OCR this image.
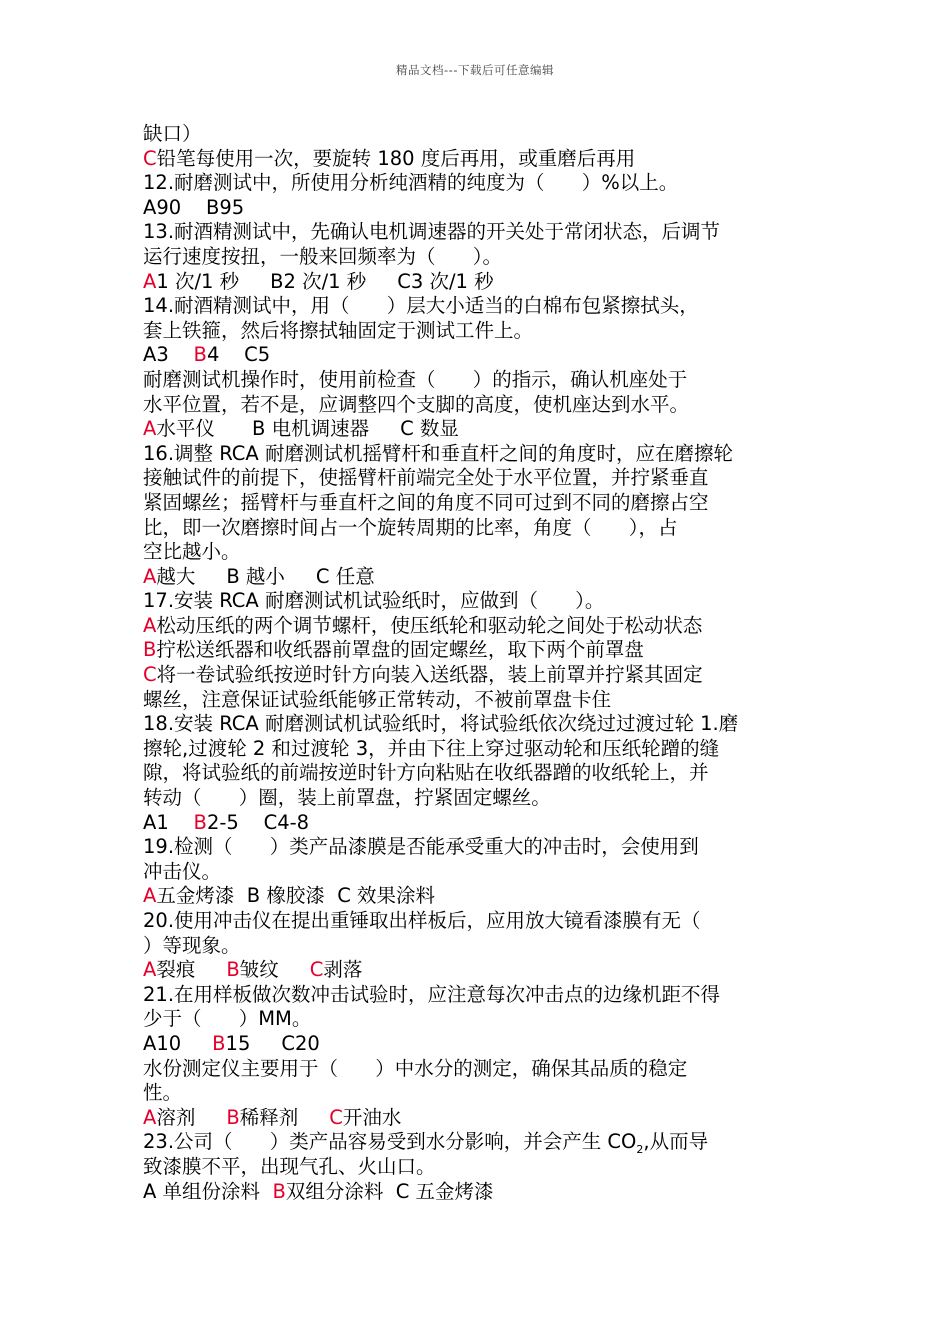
精品文档---下载后可任意编辑
缺口）
C铅笔每使用一次，要旋转 180 度后再用，或重磨后再用
12.耐磨测试中，所使用分析纯酒精的纯度为（      ）%以上。
A90    B95
13.耐酒精测试中，先确认电机调速器的开关处于常闭状态，后调节
运行速度按扭，一般来回频率为（      ）。
A1 次/1 秒     B2 次/1 秒     C3 次/1 秒
14.耐酒精测试中，用（      ）层大小适当的白棉布包紧擦拭头，
套上铁箍，然后将擦拭轴固定于测试工件上。
A3    B4    C5
耐磨测试机操作时，使用前检查（      ）的指示，确认机座处于
水平位置，若不是，应调整四个支脚的高度，使机座达到水平。
A水平仪      B 电机调速器     C 数显
16.调整 RCA 耐磨测试机摇臂杆和垂直杆之间的角度时，应在磨擦轮
接触试件的前提下，使摇臂杆前端完全处于水平位置，并拧紧垂直
紧固螺丝；摇臂杆与垂直杆之间的角度不同可过到不同的磨擦占空
比，即一次磨擦时间占一个旋转周期的比率，角度（      ），占
空比越小。
A越大     B 越小     C 任意
17.安装 RCA 耐磨测试机试验纸时，应做到（      ）。
A松动压纸的两个调节螺杆，使压纸轮和驱动轮之间处于松动状态
B拧松送纸器和收纸器前罩盘的固定螺丝，取下两个前罩盘
C将一卷试验纸按逆时针方向装入送纸器，装上前罩并拧紧其固定
螺丝，注意保证试验纸能够正常转动，不被前罩盘卡住
18.安装 RCA 耐磨测试机试验纸时，将试验纸依次绕过过渡过轮 1.磨
擦轮,过渡轮 2 和过渡轮 3，并由下往上穿过驱动轮和压纸轮蹭的缝
隙，将试验纸的前端按逆时针方向粘贴在收纸器蹭的收纸轮上，并
转动（      ）圈，装上前罩盘，拧紧固定螺丝。
A1    B2-5    C4-8
19.检测（      ）类产品漆膜是否能承受重大的冲击时，会使用到
冲击仪。
A五金烤漆  B 橡胶漆  C 效果涂料
20.使用冲击仪在提出重锤取出样板后，应用放大镜看漆膜有无（
）等现象。
A裂痕     B皱纹     C剥落
21.在用样板做次数冲击试验时，应注意每次冲击点的边缘机距不得
少于（      ）MM。
A10     B15     C20
水份测定仪主要用于（      ）中水分的测定，确保其品质的稳定
性。
A溶剂     B稀释剂     C开油水
23.公司（      ）类产品容易受到水分影响，并会产生 $CO_2$,从而导
致漆膜不平，出现气孔、火山口。
A 单组份涂料  B双组分涂料  C 五金烤漆
